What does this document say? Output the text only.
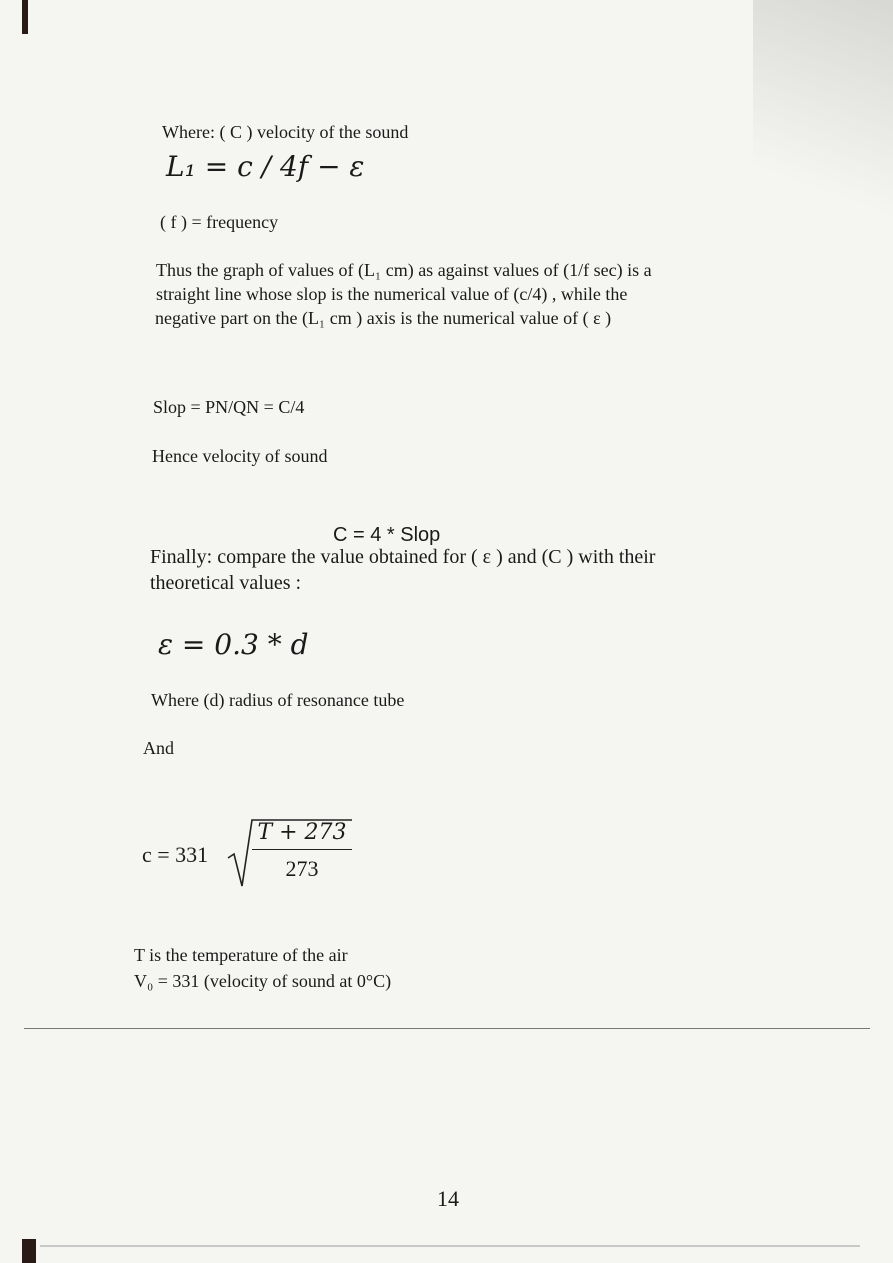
Where: ( C ) velocity of the sound
L₁ = c / 4f − ε
( f ) = frequency
Thus the graph of values of (L₁ cm) as against values of (1/f sec) is a
straight line whose slop is the numerical value of (c/4) , while the
negative part on the (L₁ cm ) axis is the numerical value of ( ε )
Slop = PN/QN = C/4
Hence velocity of sound
C = 4 * Slop
Finally: compare the value obtained for ( ε ) and (C ) with their
theoretical values :
ε = 0.3 * d
Where (d) radius of resonance tube
And
$c = 331 \frac{T + 273}{273}$
T is the temperature of the air
V₀ = 331 (velocity of sound at 0°C)
14
